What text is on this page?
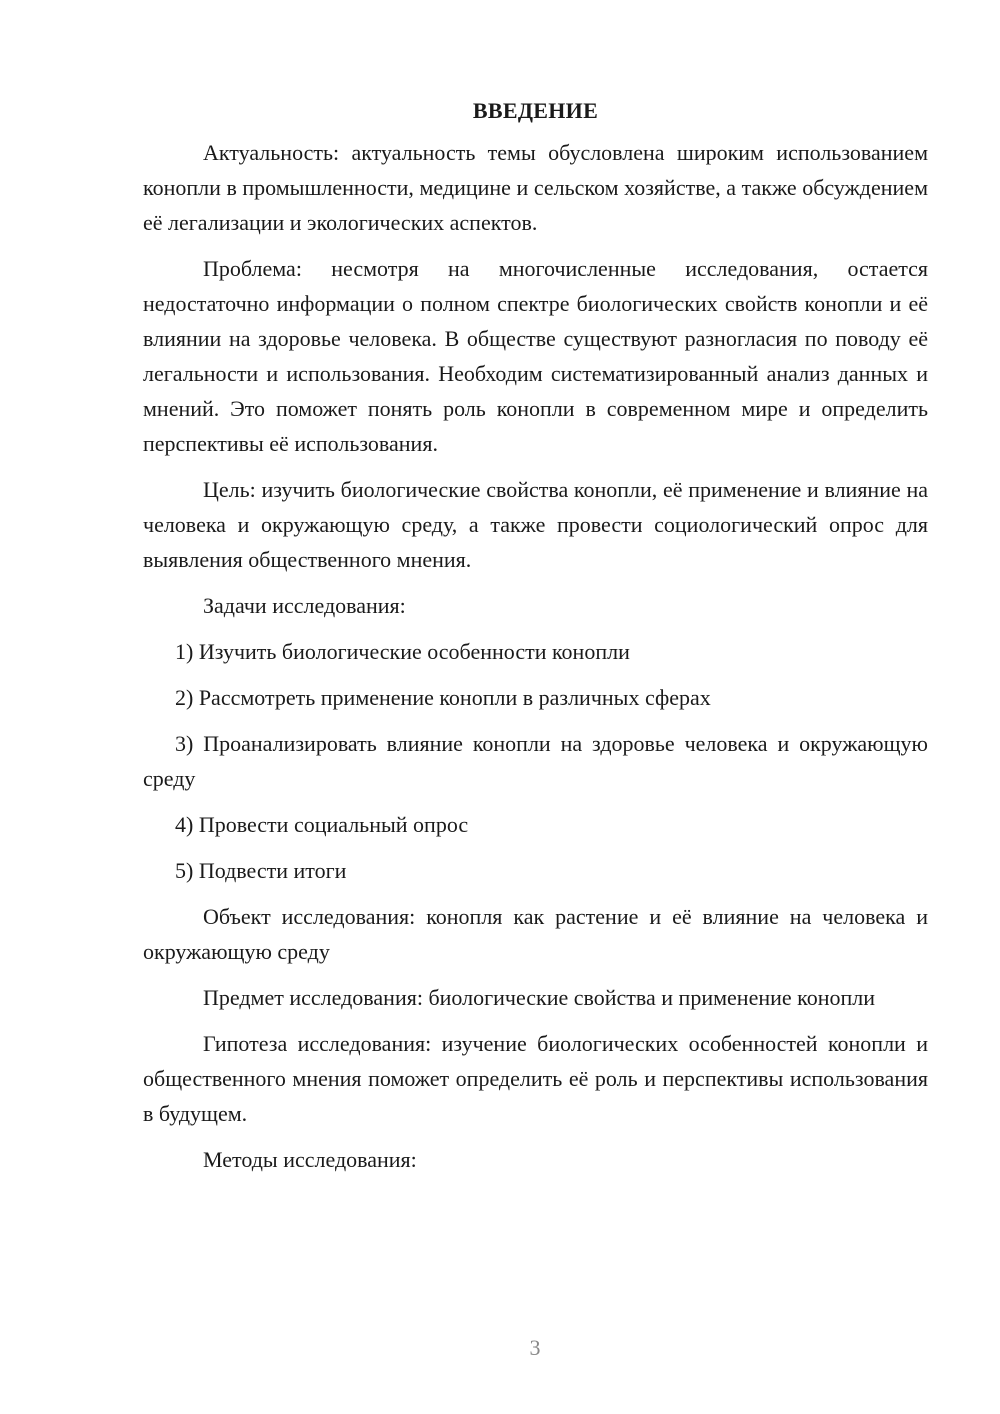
ВВЕДЕНИЕ

Актуальность: актуальность темы обусловлена широким использованием конопли в промышленности, медицине и сельском хозяйстве, а также обсуждением её легализации и экологических аспектов.

Проблема: несмотря на многочисленные исследования, остается недостаточно информации о полном спектре биологических свойств конопли и её влиянии на здоровье человека. В обществе существуют разногласия по поводу её легальности и использования. Необходим систематизированный анализ данных и мнений. Это поможет понять роль конопли в современном мире и определить перспективы её использования.

Цель: изучить биологические свойства конопли, её применение и влияние на человека и окружающую среду, а также провести социологический опрос для выявления общественного мнения.

Задачи исследования:

1) Изучить биологические особенности конопли

2) Рассмотреть применение конопли в различных сферах

3) Проанализировать влияние конопли на здоровье человека и окружающую среду

4) Провести социальный опрос

5) Подвести итоги

Объект исследования: конопля как растение и её влияние на человека и окружающую среду

Предмет исследования: биологические свойства и применение конопли

Гипотеза исследования: изучение биологических особенностей конопли и общественного мнения поможет определить её роль и перспективы использования в будущем.

Методы исследования:

3
